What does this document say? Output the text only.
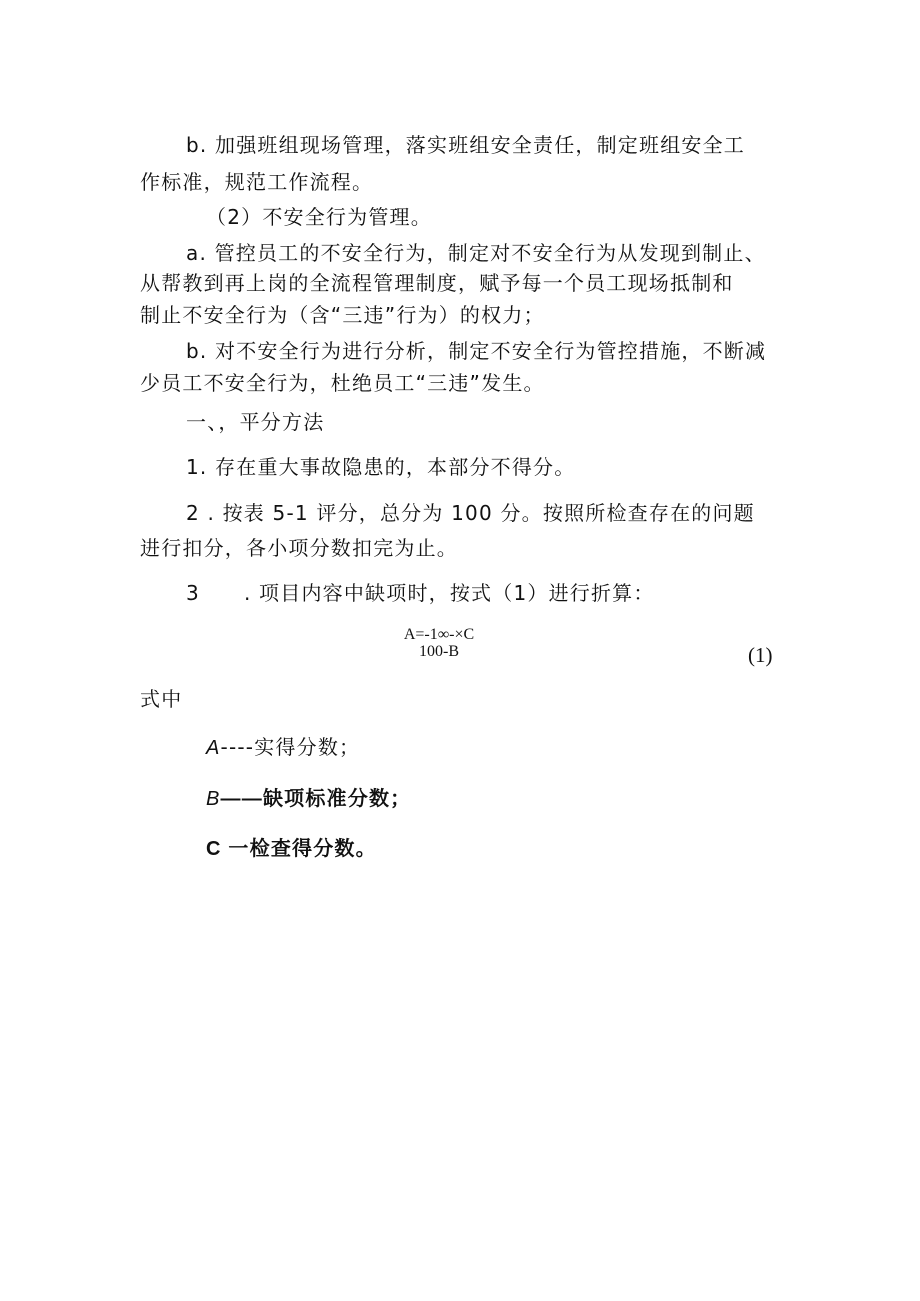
b. 加强班组现场管理，落实班组安全责任，制定班组安全工
作标准，规范工作流程。
（2）不安全行为管理。
a. 管控员工的不安全行为，制定对不安全行为从发现到制止、
从帮教到再上岗的全流程管理制度，赋予每一个员工现场抵制和
制止不安全行为（含“三违”行为）的权力；
b. 对不安全行为进行分析，制定不安全行为管控措施，不断减
少员工不安全行为，杜绝员工“三违”发生。
一、，平分方法
1. 存在重大事故隐患的，本部分不得分。
2 . 按表 5-1 评分，总分为 100 分。按照所检查存在的问题
进行扣分，各小项分数扣完为止。
3 . 项目内容中缺项时，按式（1）进行折算：
A=-1∞-×C
100-B	(1)
式中
A----实得分数；
B——缺项标准分数；
C 一检查得分数。
